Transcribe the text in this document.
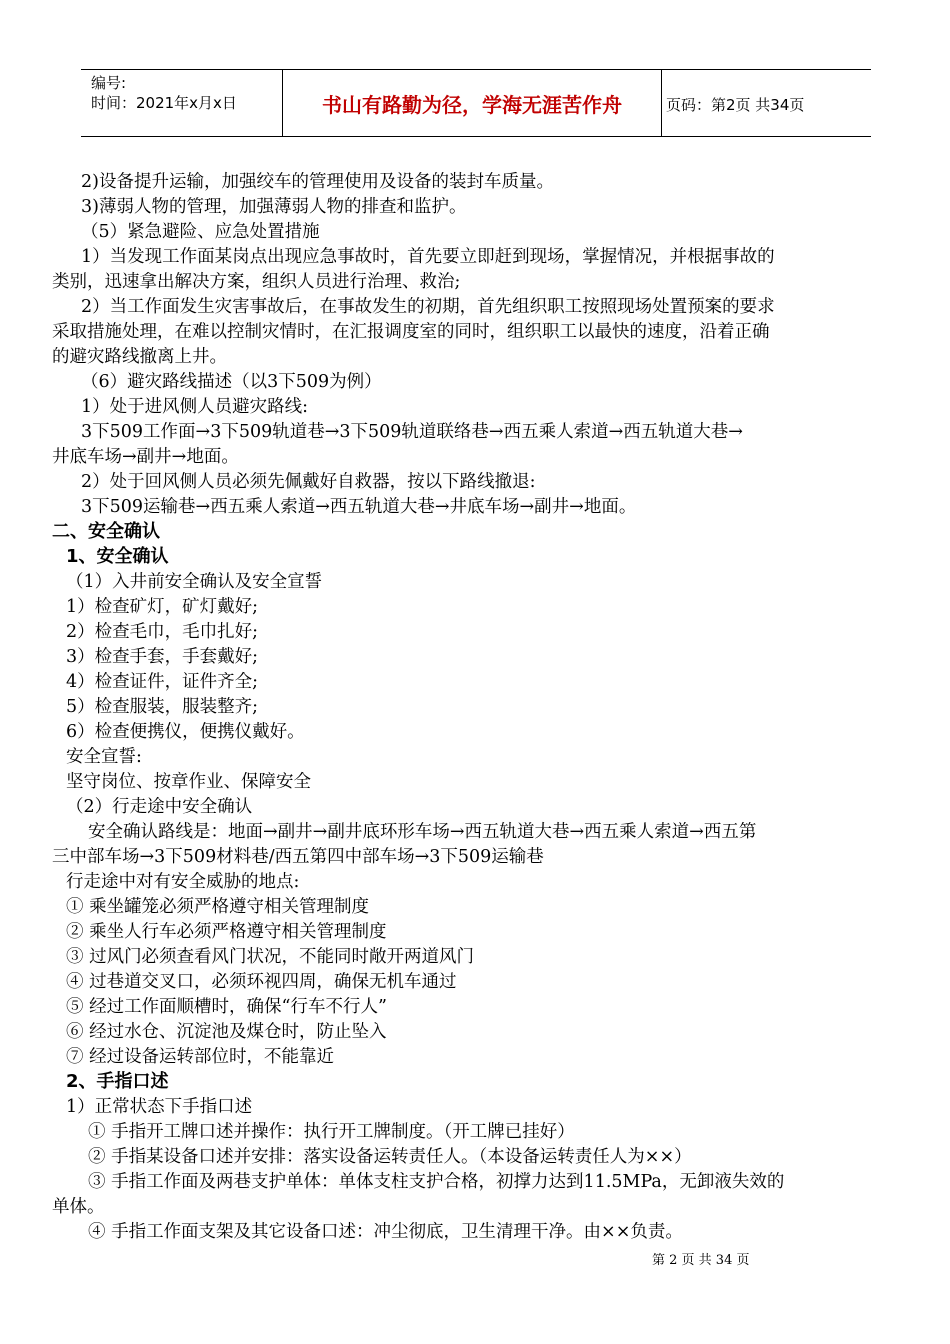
编号:
时间：2021年x月x日	书山有路勤为径，学海无涯苦作舟	页码：第2页 共34页
2)设备提升运输，加强绞车的管理使用及设备的装封车质量。
3)薄弱人物的管理，加强薄弱人物的排查和监护。
（5）紧急避险、应急处置措施
1）当发现工作面某岗点出现应急事故时，首先要立即赶到现场，掌握情况，并根据事故的
类别，迅速拿出解决方案，组织人员进行治理、救治;
2）当工作面发生灾害事故后，在事故发生的初期，首先组织职工按照现场处置预案的要求
采取措施处理，在难以控制灾情时，在汇报调度室的同时，组织职工以最快的速度，沿着正确
的避灾路线撤离上井。
（6）避灾路线描述（以3下509为例）
1）处于进风侧人员避灾路线:
3下509工作面→3下509轨道巷→3下509轨道联络巷→西五乘人索道→西五轨道大巷→
井底车场→副井→地面。
2）处于回风侧人员必须先佩戴好自救器，按以下路线撤退:
3下509运输巷→西五乘人索道→西五轨道大巷→井底车场→副井→地面。
二、安全确认
1、安全确认
（1）入井前安全确认及安全宣誓
1）检查矿灯，矿灯戴好;
2）检查毛巾，毛巾扎好;
3）检查手套，手套戴好;
4）检查证件，证件齐全;
5）检查服装，服装整齐;
6）检查便携仪，便携仪戴好。
安全宣誓:
坚守岗位、按章作业、保障安全
（2）行走途中安全确认
安全确认路线是：地面→副井→副井底环形车场→西五轨道大巷→西五乘人索道→西五第
三中部车场→3下509材料巷/西五第四中部车场→3下509运输巷
行走途中对有安全威胁的地点:
① 乘坐罐笼必须严格遵守相关管理制度
② 乘坐人行车必须严格遵守相关管理制度
③ 过风门必须查看风门状况，不能同时敞开两道风门
④ 过巷道交叉口，必须环视四周，确保无机车通过
⑤ 经过工作面顺槽时，确保“行车不行人”
⑥ 经过水仓、沉淀池及煤仓时，防止坠入
⑦ 经过设备运转部位时，不能靠近
2、手指口述
1）正常状态下手指口述
① 手指开工牌口述并操作：执行开工牌制度。（开工牌已挂好）
② 手指某设备口述并安排：落实设备运转责任人。（本设备运转责任人为××）
③ 手指工作面及两巷支护单体：单体支柱支护合格，初撑力达到11.5MPa，无卸液失效的
单体。
④ 手指工作面支架及其它设备口述：冲尘彻底，卫生清理干净。由××负责。
第 2 页 共 34 页
